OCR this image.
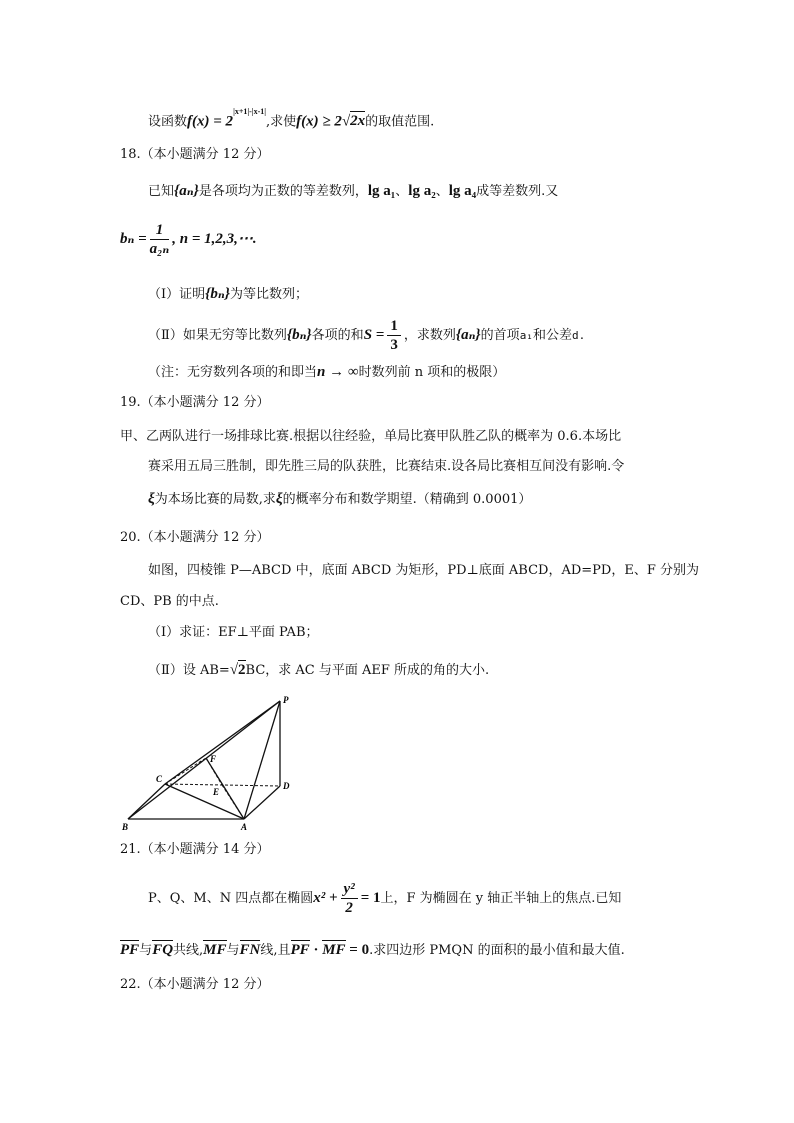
设函数$f(x) = 2^{|x+1|-|x-1|}$,求使f(x) ≥ 2√2x的取值范围.
18.（本小题满分 12 分）
已知{aₙ}是各项均为正数的等差数列，lg a₁、lg a₂、lg a₄成等差数列.又
$b_n = \frac{1}{\text{a₂ₙ}}$ , n = 1,2,3,⋯.
（Ⅰ）证明{bₙ}为等比数列；
（Ⅱ）如果无穷等比数列{bₙ}各项的和$S = \frac{1}{3}$ ，求数列{aₙ}的首项a₁和公差d.
（注：无穷数列各项的和即当n → ∞时数列前 n 项和的极限）
19.（本小题满分 12 分）
甲、乙两队进行一场排球比赛.根据以往经验，单局比赛甲队胜乙队的概率为 0.6.本场比
赛采用五局三胜制，即先胜三局的队获胜，比赛结束.设各局比赛相互间没有影响.令
ξ为本场比赛的局数,求ξ的概率分布和数学期望.（精确到 0.0001）
20.（本小题满分 12 分）
如图，四棱锥 P—ABCD 中，底面 ABCD 为矩形，PD⊥底面 ABCD，AD=PD，E、F 分别为
CD、PB 的中点.
（Ⅰ）求证：EF⊥平面 PAB；
（Ⅱ）设 AB=√2BC，求 AC 与平面 AEF 所成的角的大小.
P
C
F
E
D
B	A
21.（本小题满分 14 分）
P、Q、M、N 四点都在椭圆$x^2 + \frac{\text{y²}}{2} = 1$上，F 为椭圆在 y 轴正半轴上的焦点.已知
PF与FQ共线,MF与FN线,且PF · MF = 0.求四边形 PMQN 的面积的最小值和最大值.
22.（本小题满分 12 分）
